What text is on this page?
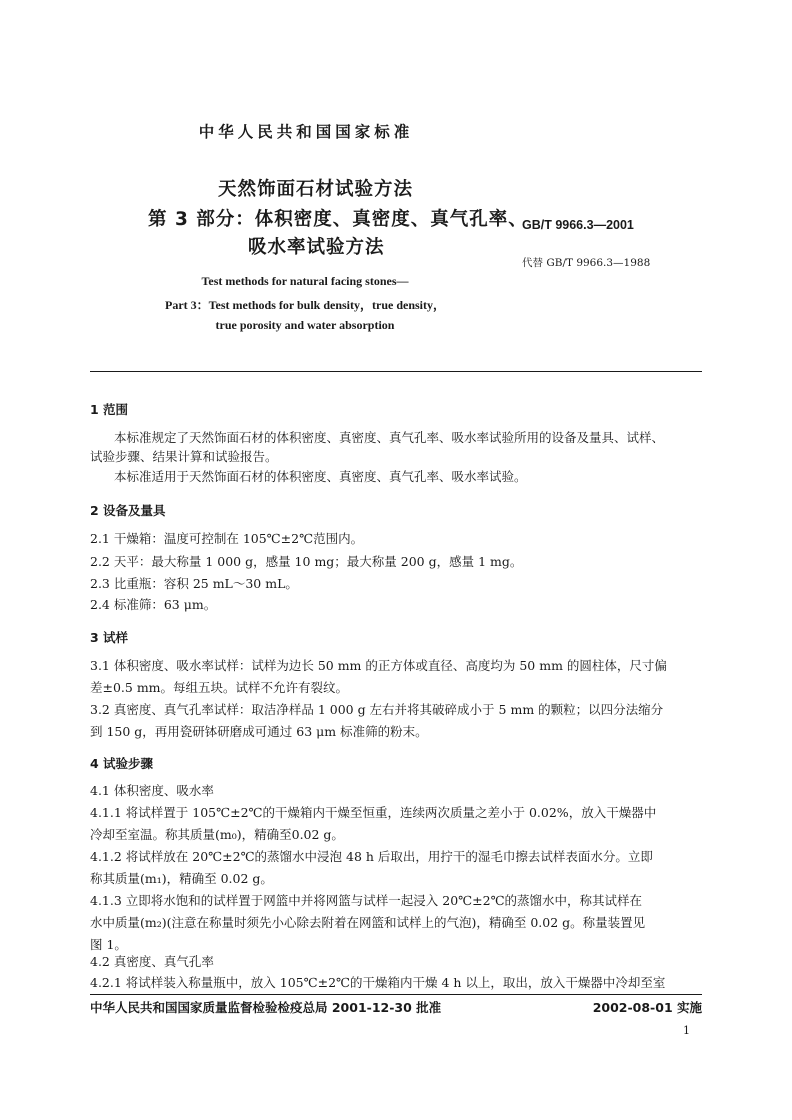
中华人民共和国国家标准
天然饰面石材试验方法
第 3 部分：体积密度、真密度、真气孔率、
吸水率试验方法
GB/T 9966.3—2001
代替 GB/T 9966.3—1988
Test methods for natural facing stones—
Part 3：Test methods for bulk density，true density，
true porosity and water absorption
1 范围
本标准规定了天然饰面石材的体积密度、真密度、真气孔率、吸水率试验所用的设备及量具、试样、
试验步骤、结果计算和试验报告。
本标准适用于天然饰面石材的体积密度、真密度、真气孔率、吸水率试验。
2 设备及量具
2.1 干燥箱：温度可控制在 105℃±2℃范围内。
2.2 天平：最大称量 1 000 g，感量 10 mg；最大称量 200 g，感量 1 mg。
2.3 比重瓶：容积 25 mL～30 mL。
2.4 标准筛：63 μm。
3 试样
3.1 体积密度、吸水率试样：试样为边长 50 mm 的正方体或直径、高度均为 50 mm 的圆柱体，尺寸偏
差±0.5 mm。每组五块。试样不允许有裂纹。
3.2 真密度、真气孔率试样：取洁净样品 1 000 g 左右并将其破碎成小于 5 mm 的颗粒；以四分法缩分
到 150 g，再用瓷研钵研磨成可通过 63 μm 标准筛的粉末。
4 试验步骤
4.1 体积密度、吸水率
4.1.1 将试样置于 105℃±2℃的干燥箱内干燥至恒重，连续两次质量之差小于 0.02%，放入干燥器中
冷却至室温。称其质量(m₀)，精确至0.02 g。
4.1.2 将试样放在 20℃±2℃的蒸馏水中浸泡 48 h 后取出，用拧干的湿毛巾擦去试样表面水分。立即
称其质量(m₁)，精确至 0.02 g。
4.1.3 立即将水饱和的试样置于网篮中并将网篮与试样一起浸入 20℃±2℃的蒸馏水中，称其试样在
水中质量(m₂)(注意在称量时须先小心除去附着在网篮和试样上的气泡)，精确至 0.02 g。称量装置见
图 1。
4.2 真密度、真气孔率
4.2.1 将试样装入称量瓶中，放入 105℃±2℃的干燥箱内干燥 4 h 以上，取出，放入干燥器中冷却至室
中华人民共和国国家质量监督检验检疫总局 2001-12-30 批准	2002-08-01 实施
1
